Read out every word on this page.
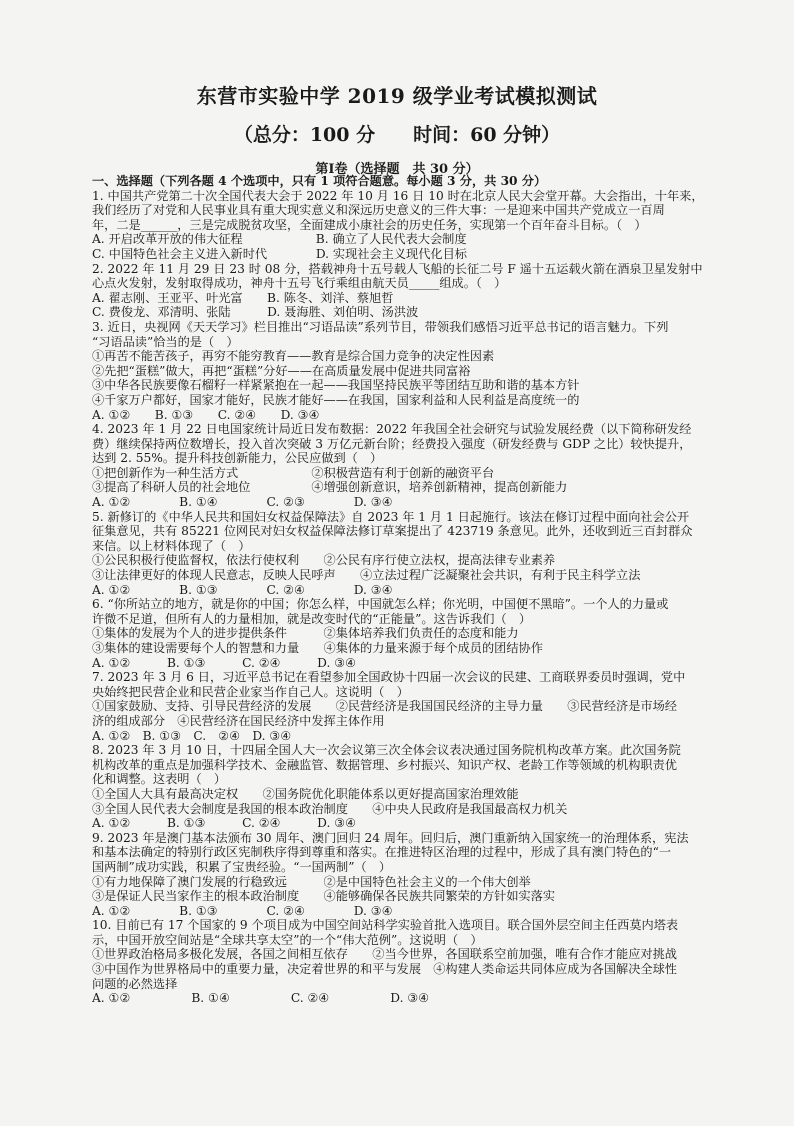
东营市实验中学 2019 级学业考试模拟测试
（总分：100 分　　时间：60 分钟）
第Ⅰ卷（选择题　共 30 分）
一、选择题（下列各题 4 个选项中，只有 1 项符合题意。每小题 3 分，共 30 分）
1. 中国共产党第二十次全国代表大会于 2022 年 10 月 16 日 10 时在北京人民大会堂开幕。大会指出，十年来，
我们经历了对党和人民事业具有重大现实意义和深远历史意义的三件大事：一是迎来中国共产党成立一百周
年，二是______，三是完成脱贫攻坚，全面建成小康社会的历史任务，实现第一个百年奋斗目标。（　）
A. 开启改革开放的伟大征程　　　　　　B. 确立了人民代表大会制度
C. 中国特色社会主义进入新时代　　　　D. 实现社会主义现代化目标
2. 2022 年 11 月 29 日 23 时 08 分，搭载神舟十五号载人飞船的长征二号 F 遥十五运载火箭在酒泉卫星发射中
心点火发射，发射取得成功，神舟十五号飞行乘组由航天员_____组成。（　）
A. 翟志刚、王亚平、叶光富　　B. 陈冬、刘洋、蔡旭哲
C. 费俊龙、邓清明、张陆　　　D. 聂海胜、刘伯明、汤洪波
3. 近日，央视网《天天学习》栏目推出“习语品读”系列节目，带领我们感悟习近平总书记的语言魅力。下列
“习语品读”恰当的是（　）
①再苦不能苦孩子，再穷不能穷教育——教育是综合国力竞争的决定性因素
②先把“蛋糕”做大，再把“蛋糕”分好——在高质量发展中促进共同富裕
③中华各民族要像石榴籽一样紧紧抱在一起——我国坚持民族平等团结互助和谐的基本方针
④千家万户都好，国家才能好，民族才能好——在我国，国家利益和人民利益是高度统一的
A. ①②　　B. ①③　　C. ②④　　D. ③④
4. 2023 年 1 月 22 日电国家统计局近日发布数据：2022 年我国全社会研究与试验发展经费（以下简称研发经
费）继续保持两位数增长，投入首次突破 3 万亿元新台阶；经费投入强度（研发经费与 GDP 之比）较快提升，
达到 2. 55%。提升科技创新能力，公民应做到（　）
①把创新作为一种生活方式　　　　　　②积极营造有利于创新的融资平台
③提高了科研人员的社会地位　　　　　④增强创新意识，培养创新精神，提高创新能力
A. ①②　　　　B. ①④　　　　C. ②③　　　　D. ③④
5. 新修订的《中华人民共和国妇女权益保障法》自 2023 年 1 月 1 日起施行。该法在修订过程中面向社会公开
征集意见，共有 85221 位网民对妇女权益保障法修订草案提出了 423719 条意见。此外，还收到近三百封群众
来信。以上材料体现了（　）
①公民积极行使监督权，依法行使权利　　②公民有序行使立法权，提高法律专业素养
③让法律更好的体现人民意志，反映人民呼声　　④立法过程广泛凝聚社会共识，有利于民主科学立法
A. ①②　　　　B. ①③　　　　C. ②④　　　　D. ③④
6. “你所站立的地方，就是你的中国；你怎么样，中国就怎么样；你光明，中国便不黑暗”。一个人的力量或
许微不足道，但所有人的力量相加，就是改变时代的“正能量”。这告诉我们（　）
①集体的发展为个人的进步提供条件　　　②集体培养我们负责任的态度和能力
③集体的建设需要每个人的智慧和力量　　④集体的力量来源于每个成员的团结协作
A. ①②　　　B. ①③　　　C. ②④　　　D. ③④
7. 2023 年 3 月 6 日，习近平总书记在看望参加全国政协十四届一次会议的民建、工商联界委员时强调，党中
央始终把民营企业和民营企业家当作自己人。这说明（　）
①国家鼓励、支持、引导民营经济的发展　　②民营经济是我国国民经济的主导力量　　③民营经济是市场经
济的组成部分　④民营经济在国民经济中发挥主体作用
A. ①②　B. ①③　C.　②④　D. ③④
8. 2023 年 3 月 10 日，十四届全国人大一次会议第三次全体会议表决通过国务院机构改革方案。此次国务院
机构改革的重点是加强科学技术、金融监管、数据管理、乡村振兴、知识产权、老龄工作等领域的机构职责优
化和调整。这表明（　）
①全国人大具有最高决定权　　②国务院优化职能体系以更好提高国家治理效能
③全国人民代表大会制度是我国的根本政治制度　　④中央人民政府是我国最高权力机关
A. ①②　　　B. ①③　　　C. ②④　　　D. ③④
9. 2023 年是澳门基本法颁布 30 周年、澳门回归 24 周年。回归后，澳门重新纳入国家统一的治理体系，宪法
和基本法确定的特别行政区宪制秩序得到尊重和落实。在推进特区治理的过程中，形成了具有澳门特色的“一
国两制”成功实践，积累了宝贵经验。“一国两制”（　）
①有力地保障了澳门发展的行稳致远　　　②是中国特色社会主义的一个伟大创举
③是保证人民当家作主的根本政治制度　　④能够确保各民族共同繁荣的方针如实落实
A. ①②　　　　B. ①③　　　　C. ②④　　　　D. ③④
10. 目前已有 17 个国家的 9 个项目成为中国空间站科学实验首批入选项目。联合国外层空间主任西莫内塔表
示，中国开放空间站是“全球共享太空”的一个“伟大范例”。这说明（　）
①世界政治格局多极化发展，各国之间相互依存　　②当今世界，各国联系空前加强，唯有合作才能应对挑战
③中国作为世界格局中的重要力量，决定着世界的和平与发展　④构建人类命运共同体应成为各国解决全球性
问题的必然选择
A. ①②　　　　　B. ①④　　　　　C. ②④　　　　　D. ③④
